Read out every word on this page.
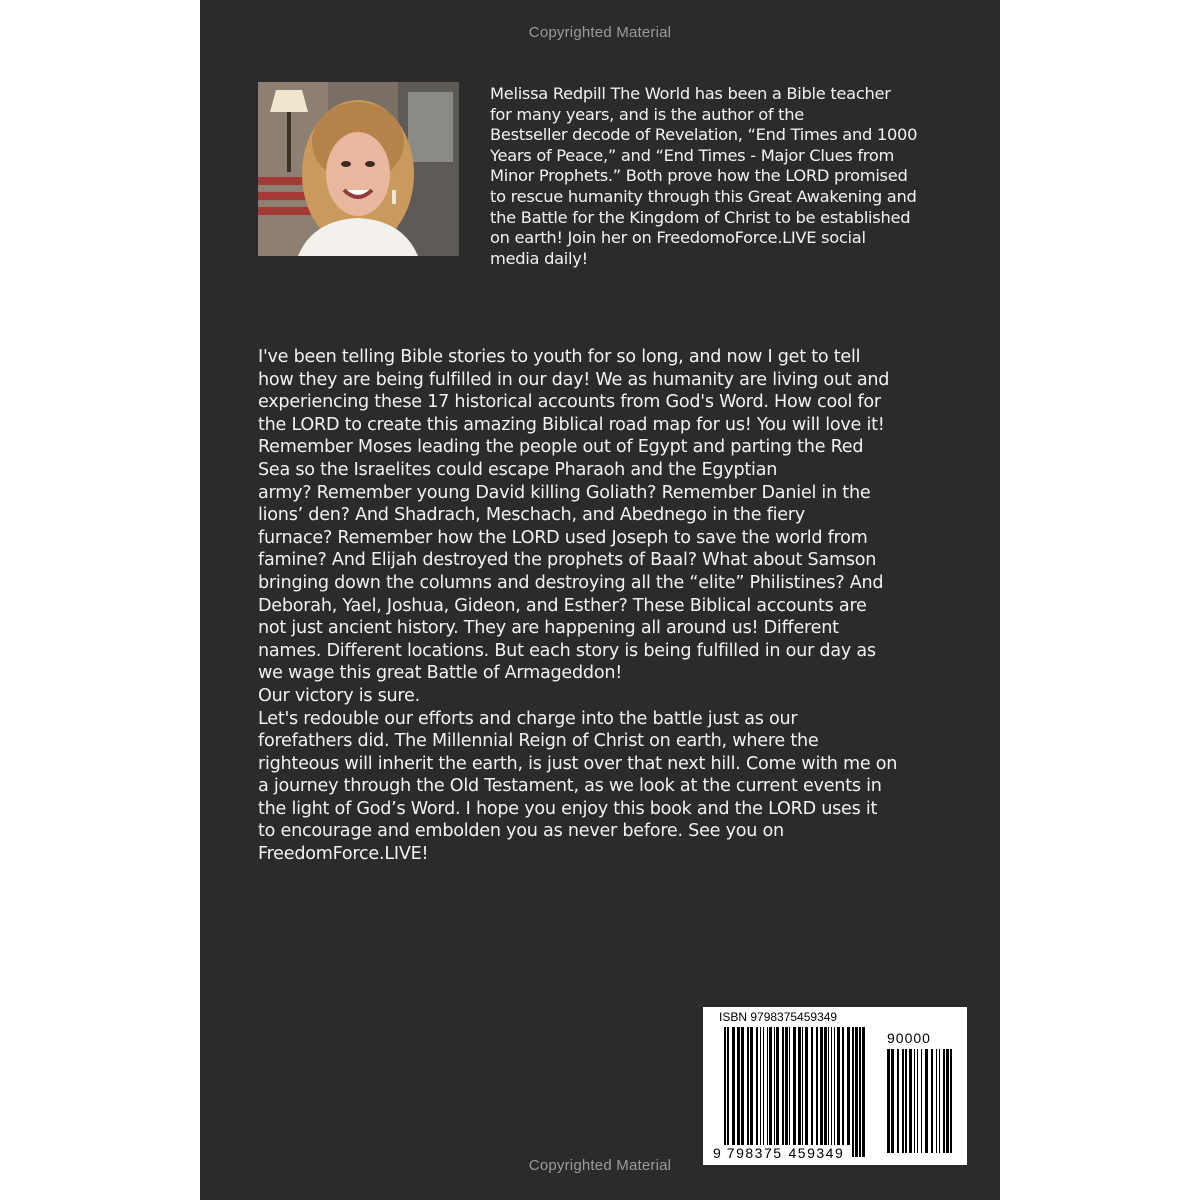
Copyrighted Material
Melissa Redpill The World has been a Bible teacher
for many years, and is the author of the
Bestseller decode of Revelation, “End Times and 1000
Years of Peace,” and “End Times - Major Clues from
Minor Prophets.” Both prove how the LORD promised
to rescue humanity through this Great Awakening and
the Battle for the Kingdom of Christ to be established
on earth! Join her on FreedomoForce.LIVE social
media daily!
I've been telling Bible stories to youth for so long, and now I get to tell
how they are being fulfilled in our day! We as humanity are living out and
experiencing these 17 historical accounts from God's Word. How cool for
the LORD to create this amazing Biblical road map for us! You will love it!
Remember Moses leading the people out of Egypt and parting the Red
Sea so the Israelites could escape Pharaoh and the Egyptian
army? Remember young David killing Goliath? Remember Daniel in the
lions’ den? And Shadrach, Meschach, and Abednego in the fiery
furnace? Remember how the LORD used Joseph to save the world from
famine? And Elijah destroyed the prophets of Baal? What about Samson
bringing down the columns and destroying all the “elite” Philistines? And
Deborah, Yael, Joshua, Gideon, and Esther? These Biblical accounts are
not just ancient history. They are happening all around us! Different
names. Different locations. But each story is being fulfilled in our day as
we wage this great Battle of Armageddon!
Our victory is sure.
Let's redouble our efforts and charge into the battle just as our
forefathers did. The Millennial Reign of Christ on earth, where the
righteous will inherit the earth, is just over that next hill. Come with me on
a journey through the Old Testament, as we look at the current events in
the light of God’s Word. I hope you enjoy this book and the LORD uses it
to encourage and embolden you as never before. See you on
FreedomForce.LIVE!
ISBN 9798375459349
90000
9 798375 459349
Copyrighted Material
